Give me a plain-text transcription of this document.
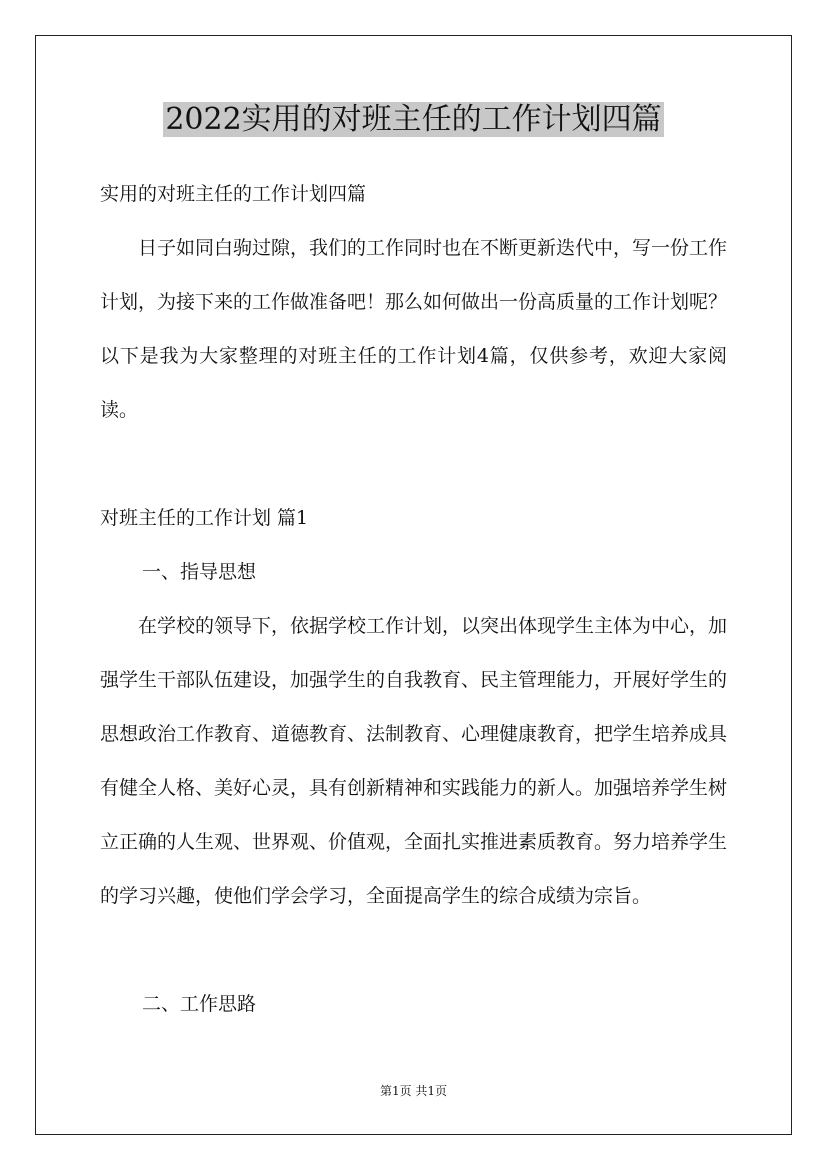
2022实用的对班主任的工作计划四篇
实用的对班主任的工作计划四篇

日子如同白驹过隙，我们的工作同时也在不断更新迭代中，写一份工作计划，为接下来的工作做准备吧！那么如何做出一份高质量的工作计划呢？以下是我为大家整理的对班主任的工作计划4篇，仅供参考，欢迎大家阅读。

对班主任的工作计划 篇1
一、指导思想

在学校的领导下，依据学校工作计划，以突出体现学生主体为中心，加强学生干部队伍建设，加强学生的自我教育、民主管理能力，开展好学生的思想政治工作教育、道德教育、法制教育、心理健康教育，把学生培养成具有健全人格、美好心灵，具有创新精神和实践能力的新人。加强培养学生树立正确的人生观、世界观、价值观，全面扎实推进素质教育。努力培养学生的学习兴趣，使他们学会学习，全面提高学生的综合成绩为宗旨。

二、工作思路
第1页 共1页
